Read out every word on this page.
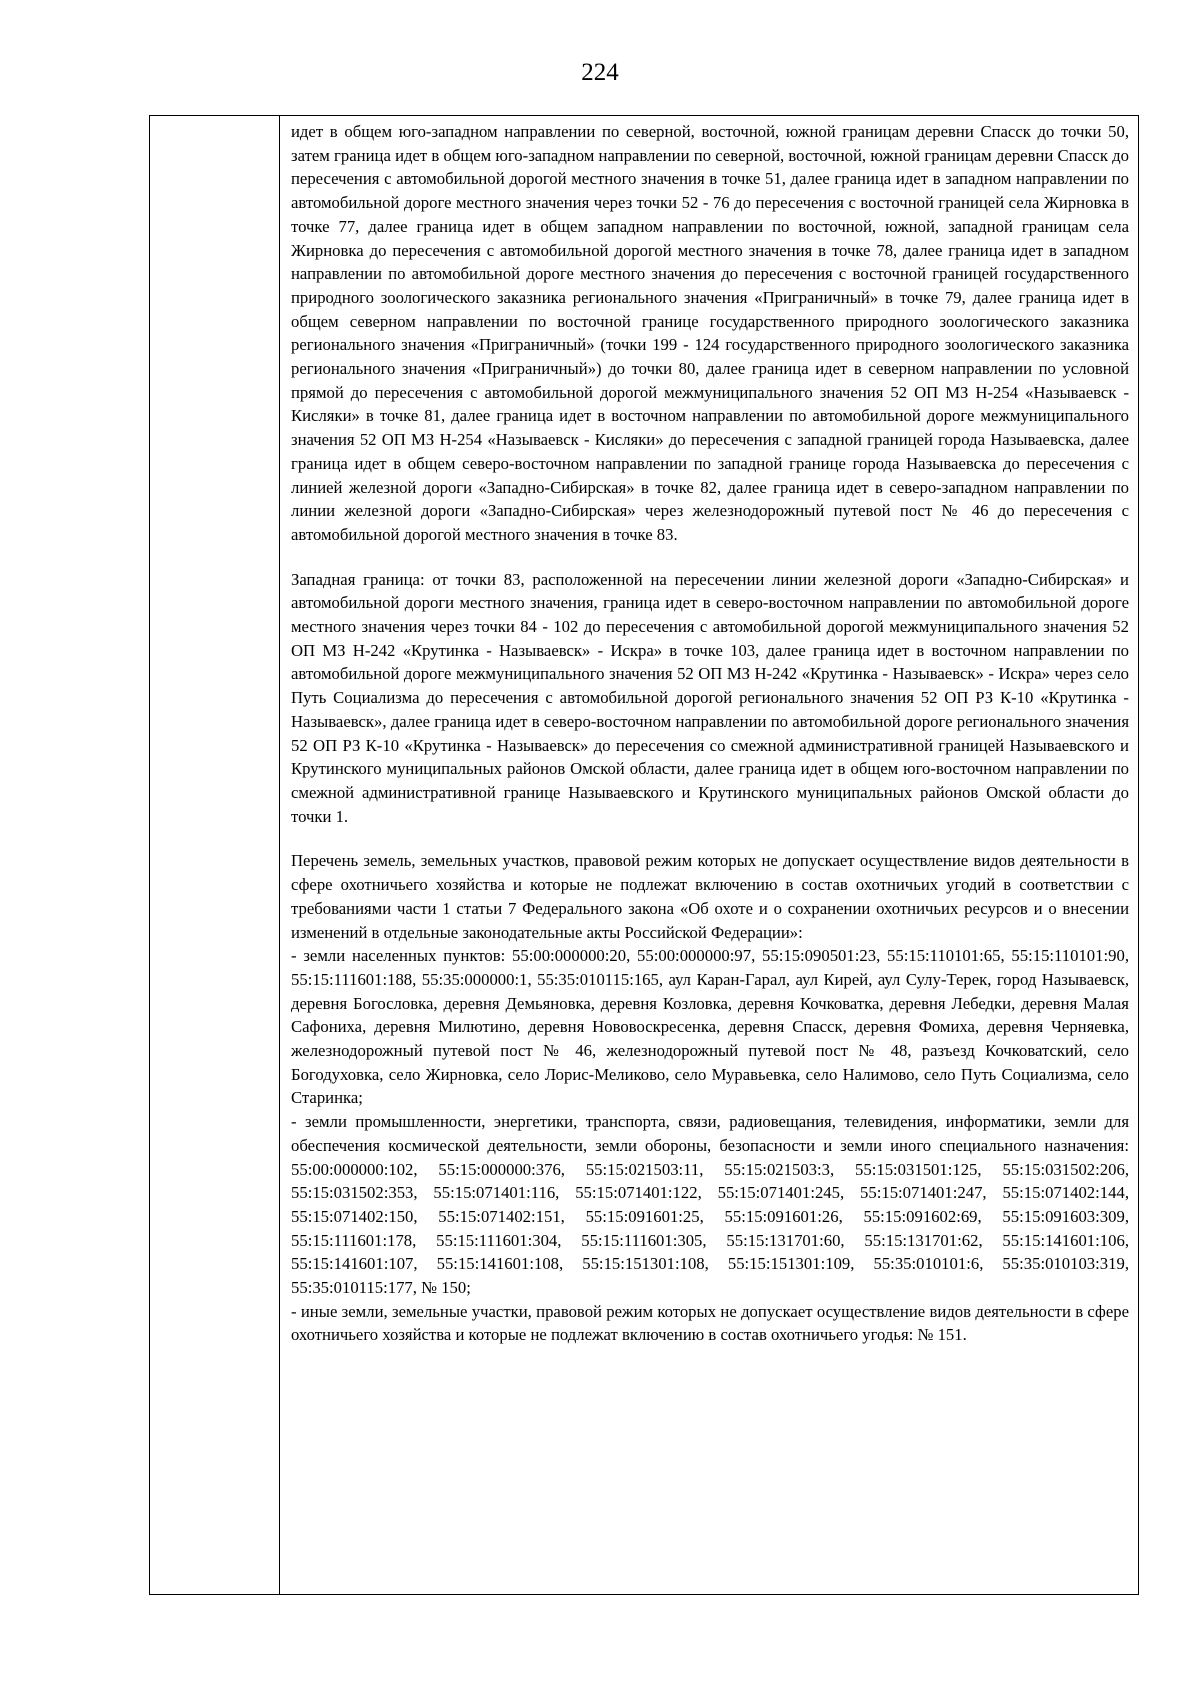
224

идет в общем юго-западном направлении по северной, восточной, южной границам деревни Спасск до точки 50, затем граница идет в общем юго-западном направлении по северной, восточной, южной границам деревни Спасск до пересечения с автомобильной дорогой местного значения в точке 51, далее граница идет в западном направлении по автомобильной дороге местного значения через точки 52 - 76 до пересечения с восточной границей села Жирновка в точке 77, далее граница идет в общем западном направлении по восточной, южной, западной границам села Жирновка до пересечения с автомобильной дорогой местного значения в точке 78, далее граница идет в западном направлении по автомобильной дороге местного значения до пересечения с восточной границей государственного природного зоологического заказника регионального значения «Приграничный» в точке 79, далее граница идет в общем северном направлении по восточной границе государственного природного зоологического заказника регионального значения «Приграничный» (точки 199 - 124 государственного природного зоологического заказника регионального значения «Приграничный») до точки 80, далее граница идет в северном направлении по условной прямой до пересечения с автомобильной дорогой межмуниципального значения 52 ОП МЗ Н-254 «Называевск - Кисляки» в точке 81, далее граница идет в восточном направлении по автомобильной дороге межмуниципального значения 52 ОП МЗ Н-254 «Называевск - Кисляки» до пересечения с западной границей города Называевска, далее граница идет в общем северо-восточном направлении по западной границе города Называевска до пересечения с линией железной дороги «Западно-Сибирская» в точке 82, далее граница идет в северо-западном направлении по линии железной дороги «Западно-Сибирская» через железнодорожный путевой пост № 46 до пересечения с автомобильной дорогой местного значения в точке 83.

Западная граница: от точки 83, расположенной на пересечении линии железной дороги «Западно-Сибирская» и автомобильной дороги местного значения, граница идет в северо-восточном направлении по автомобильной дороге местного значения через точки 84 - 102 до пересечения с автомобильной дорогой межмуниципального значения 52 ОП МЗ Н-242 «Крутинка - Называевск» - Искра» в точке 103, далее граница идет в восточном направлении по автомобильной дороге межмуниципального значения 52 ОП МЗ Н-242 «Крутинка - Называевск» - Искра» через село Путь Социализма до пересечения с автомобильной дорогой регионального значения 52 ОП РЗ К-10 «Крутинка - Называевск», далее граница идет в северо-восточном направлении по автомобильной дороге регионального значения 52 ОП РЗ К-10 «Крутинка - Называевск» до пересечения со смежной административной границей Называевского и Крутинского муниципальных районов Омской области, далее граница идет в общем юго-восточном направлении по смежной административной границе Называевского и Крутинского муниципальных районов Омской области до точки 1.

Перечень земель, земельных участков, правовой режим которых не допускает осуществление видов деятельности в сфере охотничьего хозяйства и которые не подлежат включению в состав охотничьих угодий в соответствии с требованиями части 1 статьи 7 Федерального закона «Об охоте и о сохранении охотничьих ресурсов и о внесении изменений в отдельные законодательные акты Российской Федерации»:

- земли населенных пунктов: 55:00:000000:20, 55:00:000000:97, 55:15:090501:23, 55:15:110101:65, 55:15:110101:90, 55:15:111601:188, 55:35:000000:1, 55:35:010115:165, аул Каран-Гарал, аул Кирей, аул Сулу-Терек, город Называевск, деревня Богословка, деревня Демьяновка, деревня Козловка, деревня Кочковатка, деревня Лебедки, деревня Малая Сафониха, деревня Милютино, деревня Нововоскресенка, деревня Спасск, деревня Фомиха, деревня Черняевка, железнодорожный путевой пост № 46, железнодорожный путевой пост № 48, разъезд Кочковатский, село Богодуховка, село Жирновка, село Лорис-Меликово, село Муравьевка, село Налимово, село Путь Социализма, село Старинка;

- земли промышленности, энергетики, транспорта, связи, радиовещания, телевидения, информатики, земли для обеспечения космической деятельности, земли обороны, безопасности и земли иного специального назначения: 55:00:000000:102, 55:15:000000:376, 55:15:021503:11, 55:15:021503:3, 55:15:031501:125, 55:15:031502:206, 55:15:031502:353, 55:15:071401:116, 55:15:071401:122, 55:15:071401:245, 55:15:071401:247, 55:15:071402:144, 55:15:071402:150, 55:15:071402:151, 55:15:091601:25, 55:15:091601:26, 55:15:091602:69, 55:15:091603:309, 55:15:111601:178, 55:15:111601:304, 55:15:111601:305, 55:15:131701:60, 55:15:131701:62, 55:15:141601:106, 55:15:141601:107, 55:15:141601:108, 55:15:151301:108, 55:15:151301:109, 55:35:010101:6, 55:35:010103:319, 55:35:010115:177, № 150;

- иные земли, земельные участки, правовой режим которых не допускает осуществление видов деятельности в сфере охотничьего хозяйства и которые не подлежат включению в состав охотничьего угодья: № 151.
